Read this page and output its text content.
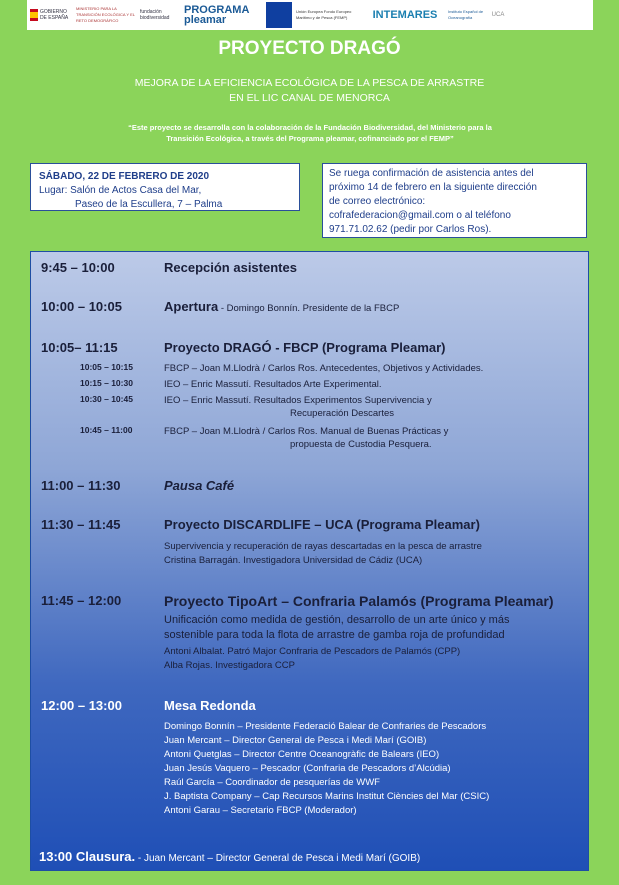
GOBIERNO DE ESPAÑA
MINISTERIO PARA LA TRANSICIÓN ECOLÓGICA Y EL RETO DEMOGRÁFICO
fundación biodiversidad
PROGRAMA pleamar
Unión Europea Fondo Europeo Marítimo y de Pesca (FEMP)	INTEMARES	Instituto Español de Oceanografía	UCA
PROYECTO DRAGÓ
MEJORA DE LA EFICIENCIA ECOLÓGICA DE LA PESCA DE ARRASTRE
EN EL LIC CANAL DE MENORCA
“Este proyecto se desarrolla con la colaboración de la Fundación Biodiversidad, del Ministerio para la Transición Ecológica, a través del Programa pleamar, cofinanciado por el FEMP”
SÁBADO, 22 DE FEBRERO DE 2020
Lugar: Salón de Actos Casa del Mar,
Paseo de la Escullera, 7 – Palma
Se ruega confirmación de asistencia antes del
próximo 14 de febrero en la siguiente dirección
de correo electrónico:
cofrafederacion@gmail.com o al teléfono
971.71.02.62 (pedir por Carlos Ros).
9:45 – 10:00	Recepción asistentes
10:00 – 10:05	Apertura - Domingo Bonnín. Presidente de la FBCP
10:05– 11:15	Proyecto DRAGÓ - FBCP (Programa Pleamar)
10:05 – 10:15	FBCP – Joan M.Llodrà / Carlos Ros. Antecedentes, Objetivos y Actividades.
10:15 – 10:30	IEO – Enric Massutí. Resultados Arte Experimental.
10:30 – 10:45	IEO – Enric Massutí. Resultados Experimentos Supervivencia y
Recuperación Descartes
10:45 – 11:00	FBCP – Joan M.Llodrà / Carlos Ros. Manual de Buenas Prácticas y
propuesta de Custodia Pesquera.
11:00 – 11:30	Pausa Café
11:30 – 11:45	Proyecto DISCARDLIFE – UCA (Programa Pleamar)
Supervivencia y recuperación de rayas descartadas en la pesca de arrastre
Cristina Barragán. Investigadora Universidad de Cádiz (UCA)
11:45 – 12:00	Proyecto TipoArt – Confraria Palamós (Programa Pleamar)
Unificación como medida de gestión, desarrollo de un arte único y más
sostenible para toda la flota de arrastre de gamba roja de profundidad
Antoni Albalat. Patró Major Confraria de Pescadors de Palamós (CPP)
Alba Rojas. Investigadora CCP
12:00 – 13:00	Mesa Redonda
Domingo Bonnín – Presidente Federació Balear de Confraries de Pescadors
Juan Mercant – Director General de Pesca i Medi Marí (GOIB)
Antoni Quetglas – Director Centre Oceanogràfic de Balears (IEO)
Juan Jesús Vaquero – Pescador (Confraria de Pescadors d’Alcúdia)
Raúl García – Coordinador de pesquerías de WWF
J. Baptista Company – Cap Recursos Marins Institut Ciències del Mar (CSIC)
Antoni Garau – Secretario FBCP (Moderador)
13:00 Clausura. - Juan Mercant – Director General de Pesca i Medi Marí (GOIB)
